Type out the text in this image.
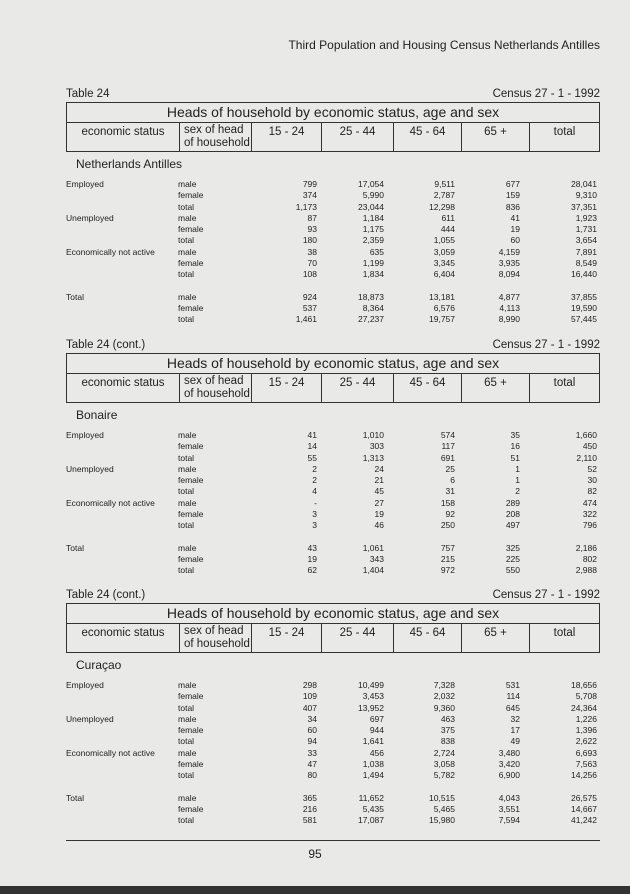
Third Population and Housing Census Netherlands Antilles
Table 24	Census 27 - 1 - 1992
Heads of household by economic status, age and sex
economic status	sex of head of household
15 - 24	25 - 44	45 - 64	65 +	total
Netherlands Antilles
Employed	male	799	17,054	9,511	677	28,041
female	374	5,990	2,787	159	9,310
total	1,173	23,044	12,298	836	37,351
Unemployed	male	87	1,184	611	41	1,923
female	93	1,175	444	19	1,731
total	180	2,359	1,055	60	3,654
Economically not active	male	38	635	3,059	4,159	7,891
female	70	1,199	3,345	3,935	8,549
total	108	1,834	6,404	8,094	16,440
Total	male	924	18,873	13,181	4,877	37,855
female	537	8,364	6,576	4,113	19,590
total	1,461	27,237	19,757	8,990	57,445
Table 24 (cont.)	Census 27 - 1 - 1992
Heads of household by economic status, age and sex
economic status	sex of head of household
15 - 24	25 - 44	45 - 64	65 +	total
Bonaire
Employed	male	41	1,010	574	35	1,660
female	14	303	117	16	450
total	55	1,313	691	51	2,110
Unemployed	male	2	24	25	1	52
female	2	21	6	1	30
total	4	45	31	2	82
Economically not active	male	-	27	158	289	474
female	3	19	92	208	322
total	3	46	250	497	796
Total	male	43	1,061	757	325	2,186
female	19	343	215	225	802
total	62	1,404	972	550	2,988
Table 24 (cont.)	Census 27 - 1 - 1992
Heads of household by economic status, age and sex
economic status	sex of head of household
15 - 24	25 - 44	45 - 64	65 +	total
Curaçao
Employed	male	298	10,499	7,328	531	18,656
female	109	3,453	2,032	114	5,708
total	407	13,952	9,360	645	24,364
Unemployed	male	34	697	463	32	1,226
female	60	944	375	17	1,396
total	94	1,641	838	49	2,622
Economically not active	male	33	456	2,724	3,480	6,693
female	47	1,038	3,058	3,420	7,563
total	80	1,494	5,782	6,900	14,256
Total	male	365	11,652	10,515	4,043	26,575
female	216	5,435	5,465	3,551	14,667
total	581	17,087	15,980	7,594	41,242
95
